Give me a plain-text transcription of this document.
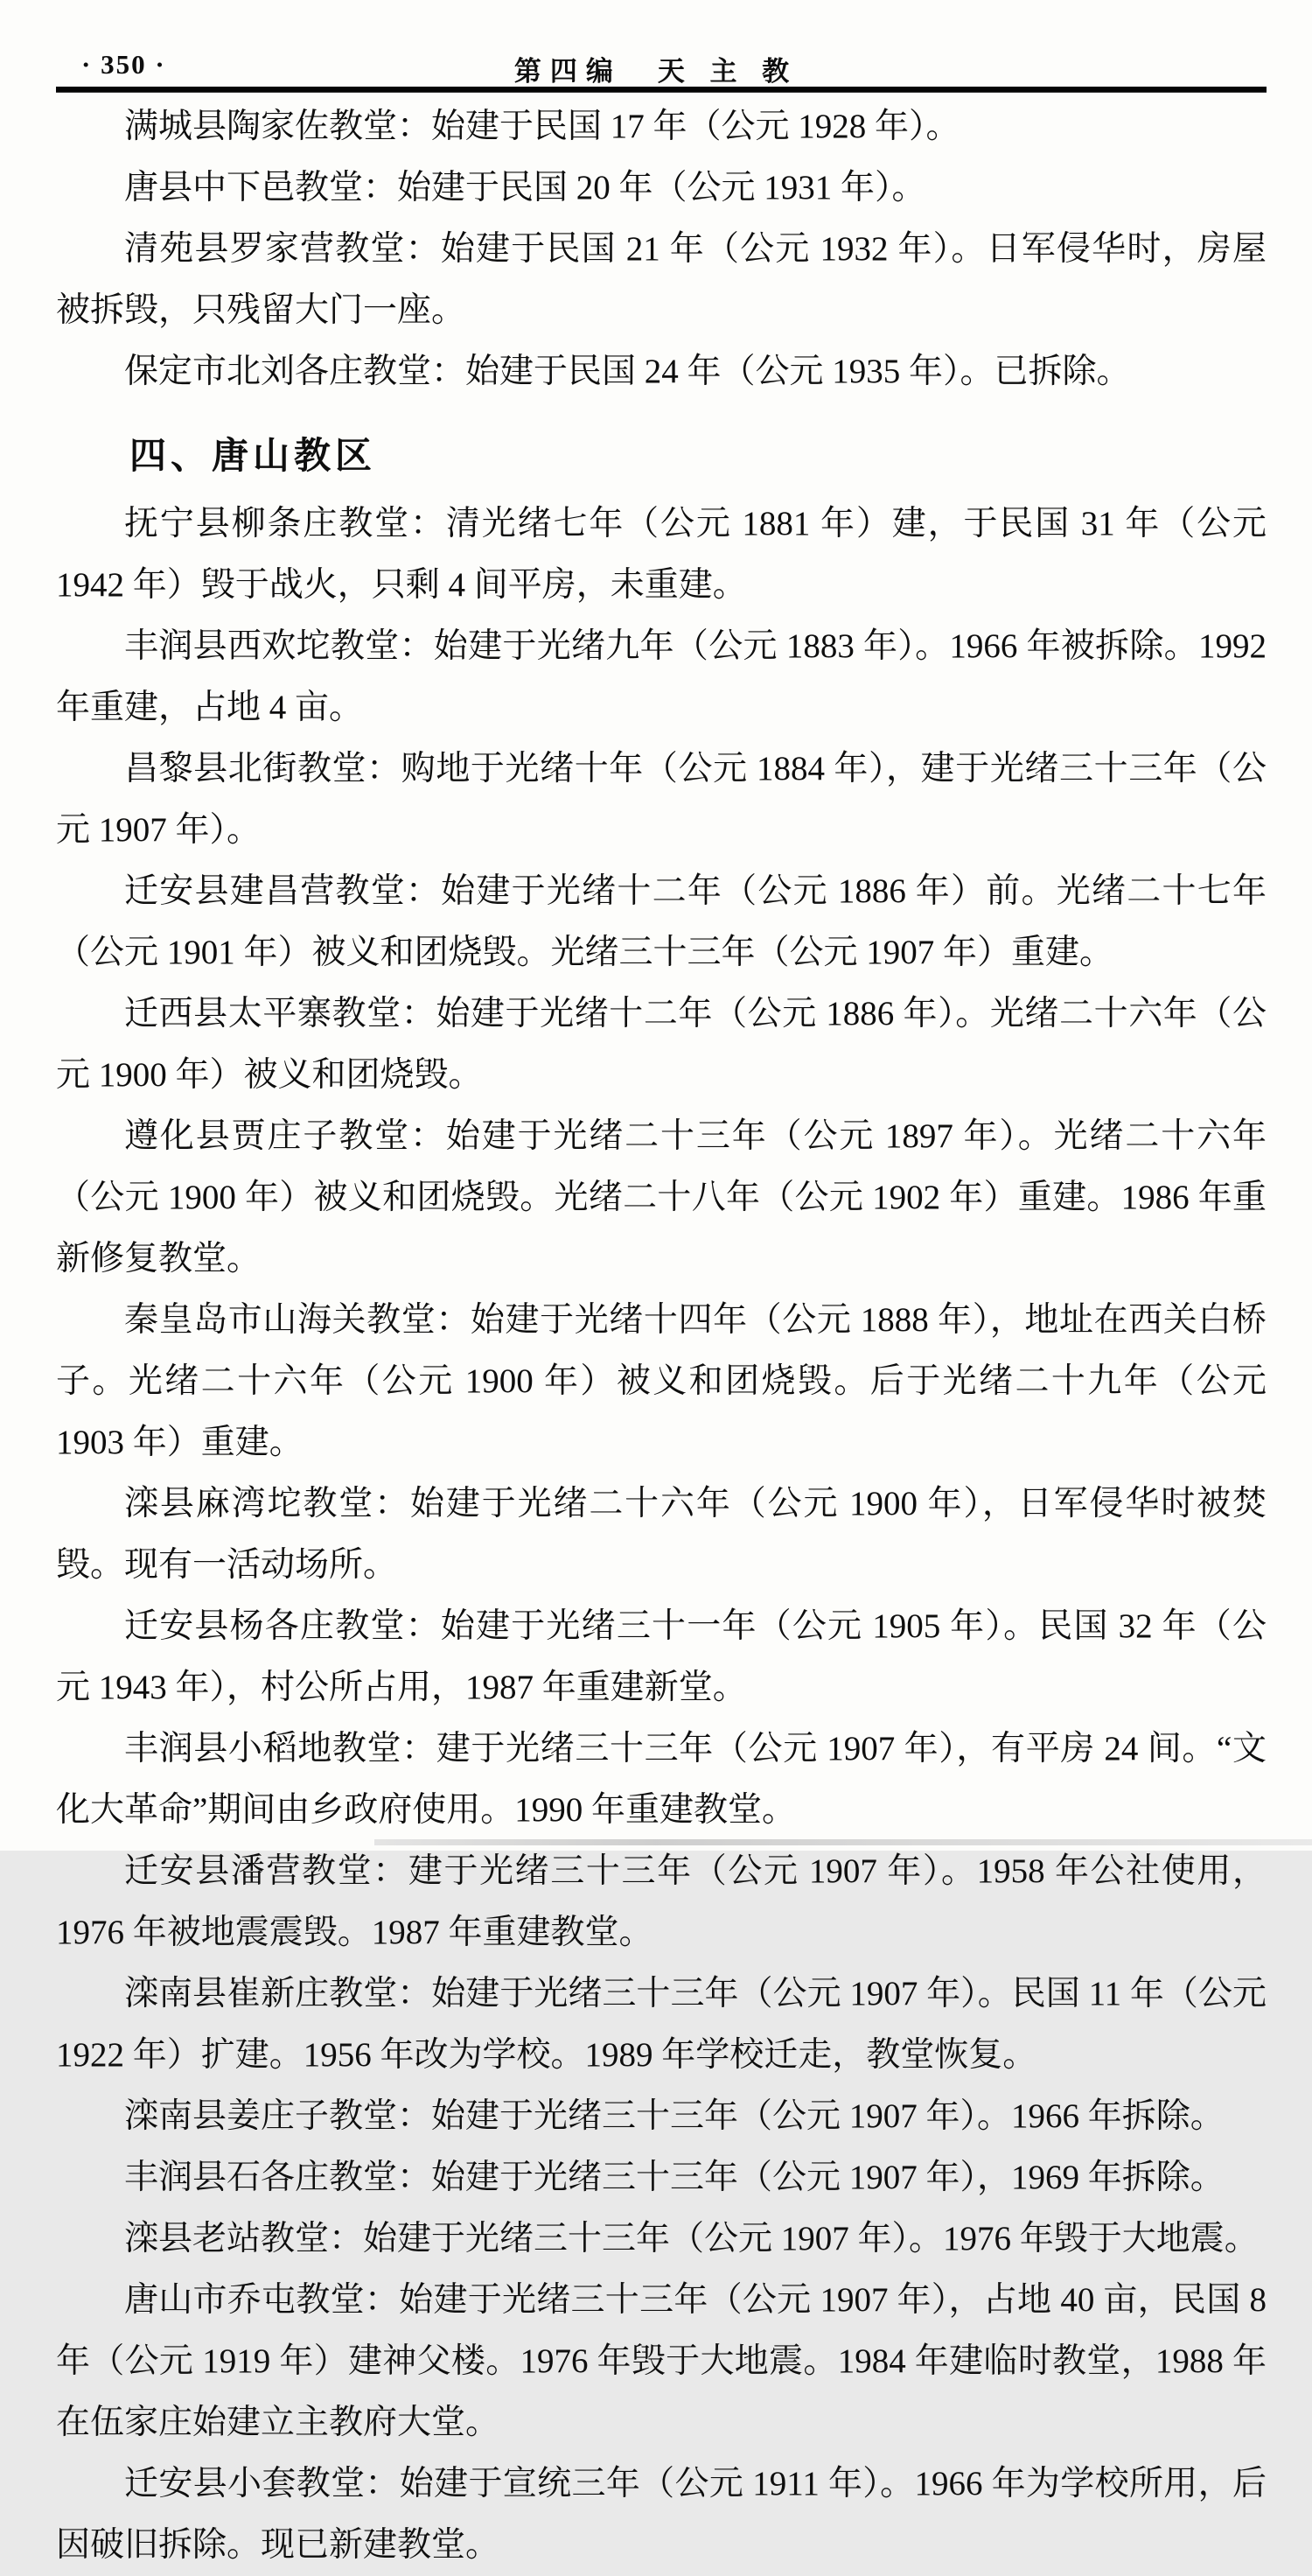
· 350 ·	第四编　天 主 教

满城县陶家佐教堂：始建于民国 17 年（公元 1928 年）。

唐县中下邑教堂：始建于民国 20 年（公元 1931 年）。

清苑县罗家营教堂：始建于民国 21 年（公元 1932 年）。日军侵华时，房屋被拆毁，只残留大门一座。

保定市北刘各庄教堂：始建于民国 24 年（公元 1935 年）。已拆除。

四、唐山教区

抚宁县柳条庄教堂：清光绪七年（公元 1881 年）建，于民国 31 年（公元 1942 年）毁于战火，只剩 4 间平房，未重建。

丰润县西欢坨教堂：始建于光绪九年（公元 1883 年）。1966 年被拆除。1992 年重建，占地 4 亩。

昌黎县北街教堂：购地于光绪十年（公元 1884 年），建于光绪三十三年（公元 1907 年）。

迁安县建昌营教堂：始建于光绪十二年（公元 1886 年）前。光绪二十七年（公元 1901 年）被义和团烧毁。光绪三十三年（公元 1907 年）重建。

迁西县太平寨教堂：始建于光绪十二年（公元 1886 年）。光绪二十六年（公元 1900 年）被义和团烧毁。

遵化县贾庄子教堂：始建于光绪二十三年（公元 1897 年）。光绪二十六年（公元 1900 年）被义和团烧毁。光绪二十八年（公元 1902 年）重建。1986 年重新修复教堂。

秦皇岛市山海关教堂：始建于光绪十四年（公元 1888 年），地址在西关白桥子。光绪二十六年（公元 1900 年）被义和团烧毁。后于光绪二十九年（公元 1903 年）重建。

滦县麻湾坨教堂：始建于光绪二十六年（公元 1900 年），日军侵华时被焚毁。现有一活动场所。

迁安县杨各庄教堂：始建于光绪三十一年（公元 1905 年）。民国 32 年（公元 1943 年），村公所占用，1987 年重建新堂。

丰润县小稻地教堂：建于光绪三十三年（公元 1907 年），有平房 24 间。“文化大革命”期间由乡政府使用。1990 年重建教堂。

迁安县潘营教堂：建于光绪三十三年（公元 1907 年）。1958 年公社使用，1976 年被地震震毁。1987 年重建教堂。

滦南县崔新庄教堂：始建于光绪三十三年（公元 1907 年）。民国 11 年（公元 1922 年）扩建。1956 年改为学校。1989 年学校迁走，教堂恢复。

滦南县姜庄子教堂：始建于光绪三十三年（公元 1907 年）。1966 年拆除。

丰润县石各庄教堂：始建于光绪三十三年（公元 1907 年），1969 年拆除。

滦县老站教堂：始建于光绪三十三年（公元 1907 年）。1976 年毁于大地震。

唐山市乔屯教堂：始建于光绪三十三年（公元 1907 年），占地 40 亩，民国 8 年（公元 1919 年）建神父楼。1976 年毁于大地震。1984 年建临时教堂，1988 年在伍家庄始建立主教府大堂。

迁安县小套教堂：始建于宣统三年（公元 1911 年）。1966 年为学校所用，后因破旧拆除。现已新建教堂。
